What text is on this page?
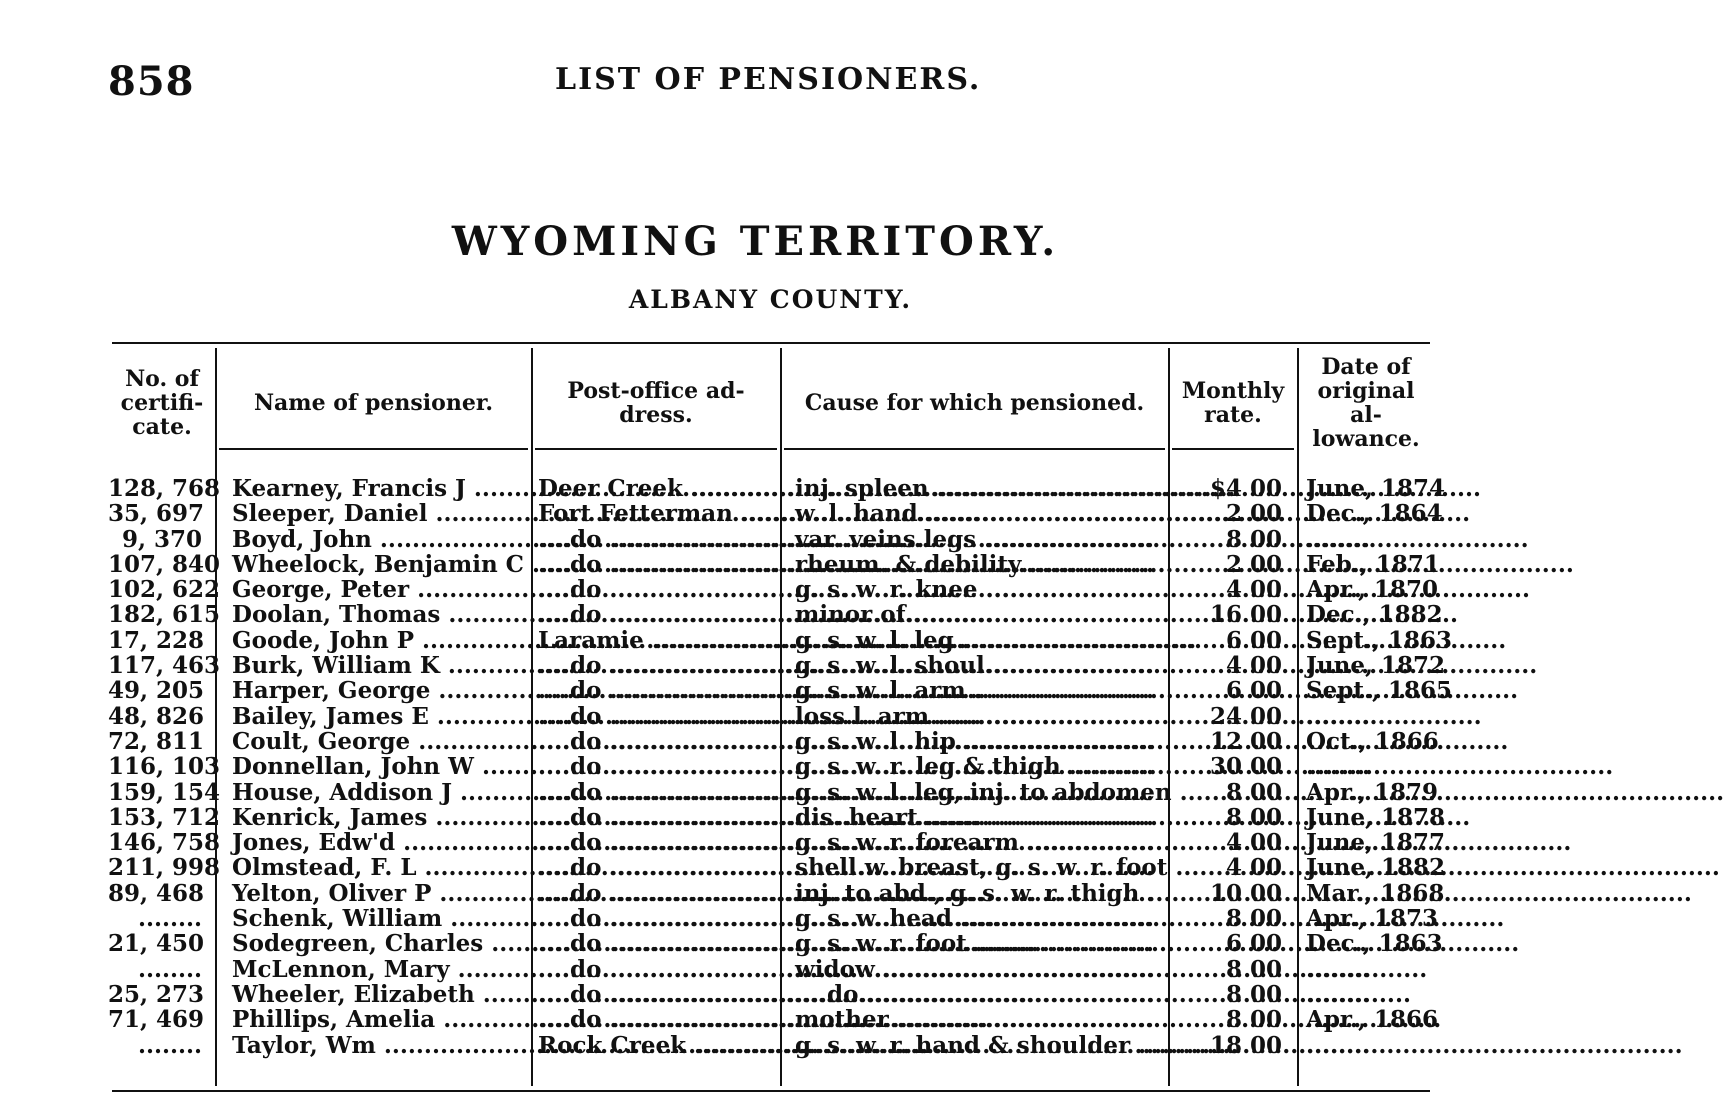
858	LIST OF PENSIONERS.
WYOMING TERRITORY.
ALBANY COUNTY.
No. of certifi- cate.
Name of pensioner.	Post-office ad- dress.	Cause for which pensioned. Monthly rate.
Date of original al- lowance.
128, 768 Kearney, Francis J .....	Deer Creek .....	inj. spleen .....	$4 00 June, 1874
35, 697 Sleeper, Daniel .....	Fort Fetterman .....	w. l. hand .....	2 00 Dec., 1864
9, 370 Boyd, John .....	....do .....	var. veins legs .....	8 00 ........
107, 840 Wheelock, Benjamin C ..... ....do .....	rheum. & debility .....	2 00 Feb., 1871
102, 622 George, Peter .....	....do .....	g. s. w. r. knee .....	4 00 Apr., 1870
182, 615 Doolan, Thomas .....	....do .....	minor of .....	16 00 Dec., 1882
17, 228 Goode, John P .....	Laramie .....	g. s. w. l. leg .....	6 00 Sept., 1863
117, 463 Burk, William K .....	....do .....	g. s. w. l. shoul .....	4 00 June, 1872
49, 205 Harper, George .....	....do .....	g. s. w. l. arm .....	6 00 Sept., 1865
48, 826 Bailey, James E .....	....do .....	loss l. arm .....	24 00 ........
72, 811 Coult, George .....	....do .....	g. s. w. l. hip .....	12 00 Oct., 1866
116, 103 Donnellan, John W .....	....do .....	g. s. w. r. leg & thigh .....	30 00 ........
159, 154 House, Addison J .....	....do .....	g. s. w. l. leg, inj. to abdomen .....	8 00 Apr., 1879
153, 712 Kenrick, James .....	....do .....	dis. heart .....	8 00 June, 1878
146, 758 Jones, Edw'd .....	....do .....	g. s. w. r. forearm .....	4 00 June, 1877
211, 998 Olmstead, F. L .....	....do .....	shell w. breast, g. s. w. r. foot .....	4 00 June, 1882
89, 468 Yelton, Oliver P .....	....do .....	inj. to abd., g. s. w. r. thigh .....	10 00 Mar., 1868
........ Schenk, William .....	....do .....	g. s. w. head .....	8 00 Apr., 1873
21, 450 Sodegreen, Charles .....	....do .....	g. s. w. r. foot .....	6 00 Dec., 1863
........ McLennon, Mary .....	....do .....	widow .....	8 00 ........
25, 273 Wheeler, Elizabeth .....	....do .....	....do .....	8 00 ........
71, 469 Phillips, Amelia .....	....do .....	mother .....	8 00 Apr., 1866
........ Taylor, Wm .....	Rock Creek .....	g. s. w. r. hand & shoulder .....	18 00 ........
